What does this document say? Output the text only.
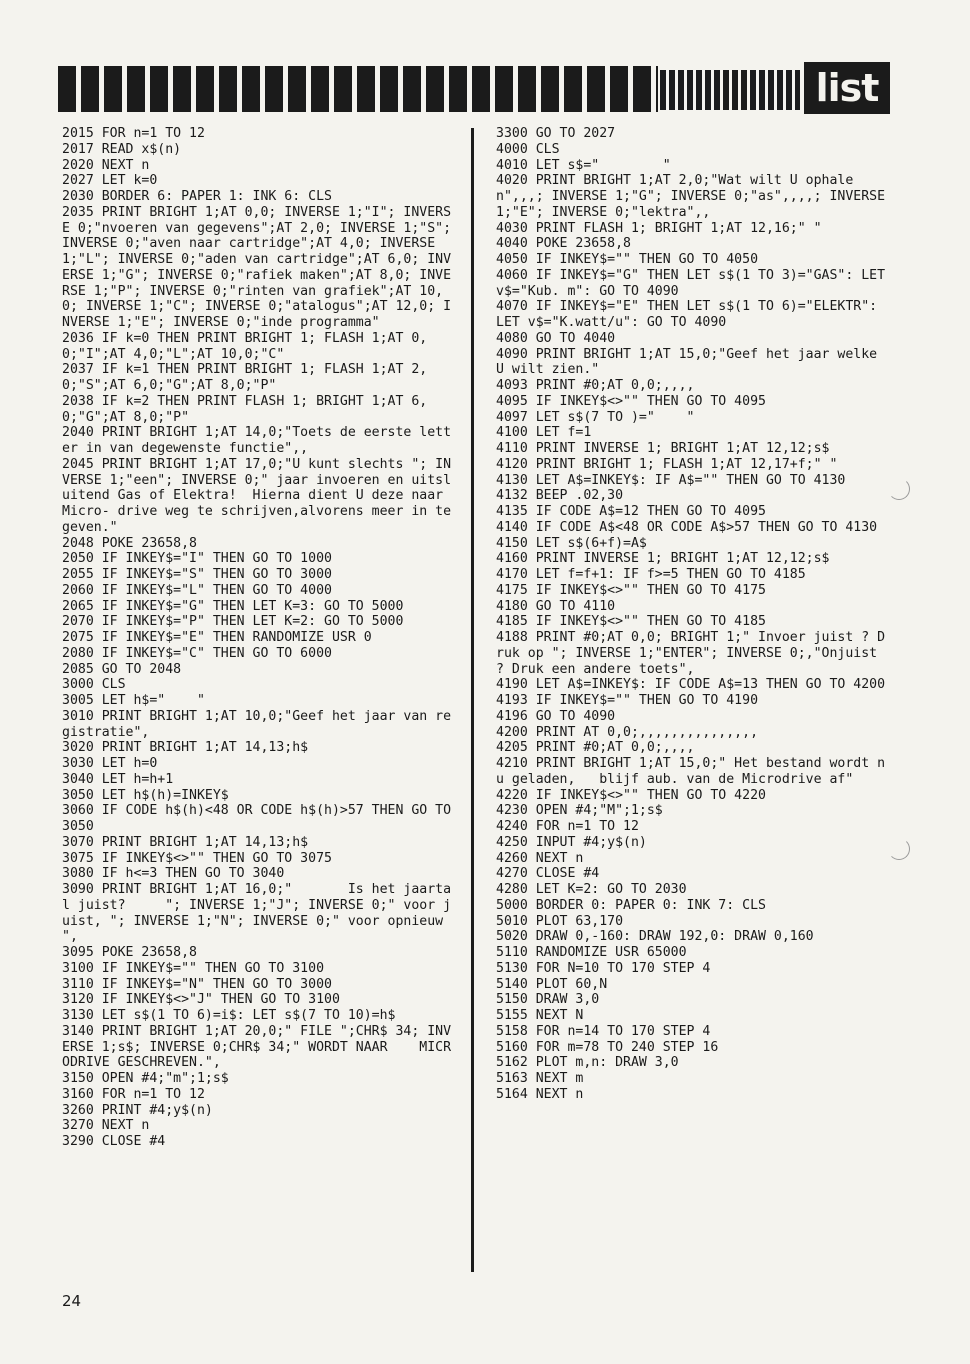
list
2015 FOR n=1 TO 12
2017 READ x$(n)
2020 NEXT n
2027 LET k=0
2030 BORDER 6: PAPER 1: INK 6: CLS
2035 PRINT BRIGHT 1;AT 0,0; INVERSE 1;"I"; INVERSE 0;"nvoeren van gegevens";AT 2,0; INVERSE 1;"S"; INVERSE 0;"aven naar cartridge";AT 4,0; INVERSE 1;"L"; INVERSE 0;"aden van cartridge";AT 6,0; INVERSE 1;"G"; INVERSE 0;"rafiek maken";AT 8,0; INVERSE 1;"P"; INVERSE 0;"rinten van grafiek";AT 10,0; INVERSE 1;"C"; INVERSE 0;"atalogus";AT 12,0; INVERSE 1;"E"; INVERSE 0;"inde programma"
2036 IF k=0 THEN PRINT BRIGHT 1; FLASH 1;AT 0,0;"I";AT 4,0;"L";AT 10,0;"C"
2037 IF k=1 THEN PRINT BRIGHT 1; FLASH 1;AT 2,0;"S";AT 6,0;"G";AT 8,0;"P"
2038 IF k=2 THEN PRINT FLASH 1; BRIGHT 1;AT 6,0;"G";AT 8,0;"P"
2040 PRINT BRIGHT 1;AT 14,0;"Toets de eerste letter in van degewenste functie",,
2045 PRINT BRIGHT 1;AT 17,0;"U kunt slechts "; INVERSE 1;"een"; INVERSE 0;" jaar invoeren en uitsluitend Gas of Elektra!  Hierna dient U deze naar Micro- drive weg te schrijven,alvorens meer in te geven."
2048 POKE 23658,8
2050 IF INKEY$="I" THEN GO TO 1000
2055 IF INKEY$="S" THEN GO TO 3000
2060 IF INKEY$="L" THEN GO TO 4000
2065 IF INKEY$="G" THEN LET K=3: GO TO 5000
2070 IF INKEY$="P" THEN LET K=2: GO TO 5000
2075 IF INKEY$="E" THEN RANDOMIZE USR 0
2080 IF INKEY$="C" THEN GO TO 6000
2085 GO TO 2048
3000 CLS
3005 LET h$="    "
3010 PRINT BRIGHT 1;AT 10,0;"Geef het jaar van registratie",
3020 PRINT BRIGHT 1;AT 14,13;h$
3030 LET h=0
3040 LET h=h+1
3050 LET h$(h)=INKEY$
3060 IF CODE h$(h)<48 OR CODE h$(h)>57 THEN GO TO 3050
3070 PRINT BRIGHT 1;AT 14,13;h$
3075 IF INKEY$<>"" THEN GO TO 3075
3080 IF h<=3 THEN GO TO 3040
3090 PRINT BRIGHT 1;AT 16,0;"       Is het jaartal juist?     "; INVERSE 1;"J"; INVERSE 0;" voor juist, "; INVERSE 1;"N"; INVERSE 0;" voor opnieuw ",
3095 POKE 23658,8
3100 IF INKEY$="" THEN GO TO 3100
3110 IF INKEY$="N" THEN GO TO 3000
3120 IF INKEY$<>"J" THEN GO TO 3100
3130 LET s$(1 TO 6)=i$: LET s$(7 TO 10)=h$
3140 PRINT BRIGHT 1;AT 20,0;" FILE ";CHR$ 34; INVERSE 1;s$; INVERSE 0;CHR$ 34;" WORDT NAAR    MICRODRIVE GESCHREVEN.",
3150 OPEN #4;"m";1;s$
3160 FOR n=1 TO 12
3260 PRINT #4;y$(n)
3270 NEXT n
3290 CLOSE #4
3300 GO TO 2027
4000 CLS
4010 LET s$="        "
4020 PRINT BRIGHT 1;AT 2,0;"Wat wilt U ophalen",,,; INVERSE 1;"G"; INVERSE 0;"as",,,,; INVERSE 1;"E"; INVERSE 0;"lektra",,
4030 PRINT FLASH 1; BRIGHT 1;AT 12,16;" "
4040 POKE 23658,8
4050 IF INKEY$="" THEN GO TO 4050
4060 IF INKEY$="G" THEN LET s$(1 TO 3)="GAS": LET v$="Kub. m": GO TO 4090
4070 IF INKEY$="E" THEN LET s$(1 TO 6)="ELEKTR": LET v$="K.watt/u": GO TO 4090
4080 GO TO 4040
4090 PRINT BRIGHT 1;AT 15,0;"Geef het jaar welke U wilt zien."
4093 PRINT #0;AT 0,0;,,,,
4095 IF INKEY$<>"" THEN GO TO 4095
4097 LET s$(7 TO )="    "
4100 LET f=1
4110 PRINT INVERSE 1; BRIGHT 1;AT 12,12;s$
4120 PRINT BRIGHT 1; FLASH 1;AT 12,17+f;" "
4130 LET A$=INKEY$: IF A$="" THEN GO TO 4130
4132 BEEP .02,30
4135 IF CODE A$=12 THEN GO TO 4095
4140 IF CODE A$<48 OR CODE A$>57 THEN GO TO 4130
4150 LET s$(6+f)=A$
4160 PRINT INVERSE 1; BRIGHT 1;AT 12,12;s$
4170 LET f=f+1: IF f>=5 THEN GO TO 4185
4175 IF INKEY$<>"" THEN GO TO 4175
4180 GO TO 4110
4185 IF INKEY$<>"" THEN GO TO 4185
4188 PRINT #0;AT 0,0; BRIGHT 1;" Invoer juist ? Druk op "; INVERSE 1;"ENTER"; INVERSE 0;,"Onjuist ? Druk een andere toets",
4190 LET A$=INKEY$: IF CODE A$=13 THEN GO TO 4200
4193 IF INKEY$="" THEN GO TO 4190
4196 GO TO 4090
4200 PRINT AT 0,0;,,,,,,,,,,,,,,,
4205 PRINT #0;AT 0,0;,,,,
4210 PRINT BRIGHT 1;AT 15,0;" Het bestand wordt nu geladen,   blijf aub. van de Microdrive af"
4220 IF INKEY$<>"" THEN GO TO 4220
4230 OPEN #4;"M";1;s$
4240 FOR n=1 TO 12
4250 INPUT #4;y$(n)
4260 NEXT n
4270 CLOSE #4
4280 LET K=2: GO TO 2030
5000 BORDER 0: PAPER 0: INK 7: CLS
5010 PLOT 63,170
5020 DRAW 0,-160: DRAW 192,0: DRAW 0,160
5110 RANDOMIZE USR 65000
5130 FOR N=10 TO 170 STEP 4
5140 PLOT 60,N
5150 DRAW 3,0
5155 NEXT N
5158 FOR n=14 TO 170 STEP 4
5160 FOR m=78 TO 240 STEP 16
5162 PLOT m,n: DRAW 3,0
5163 NEXT m
5164 NEXT n
24
